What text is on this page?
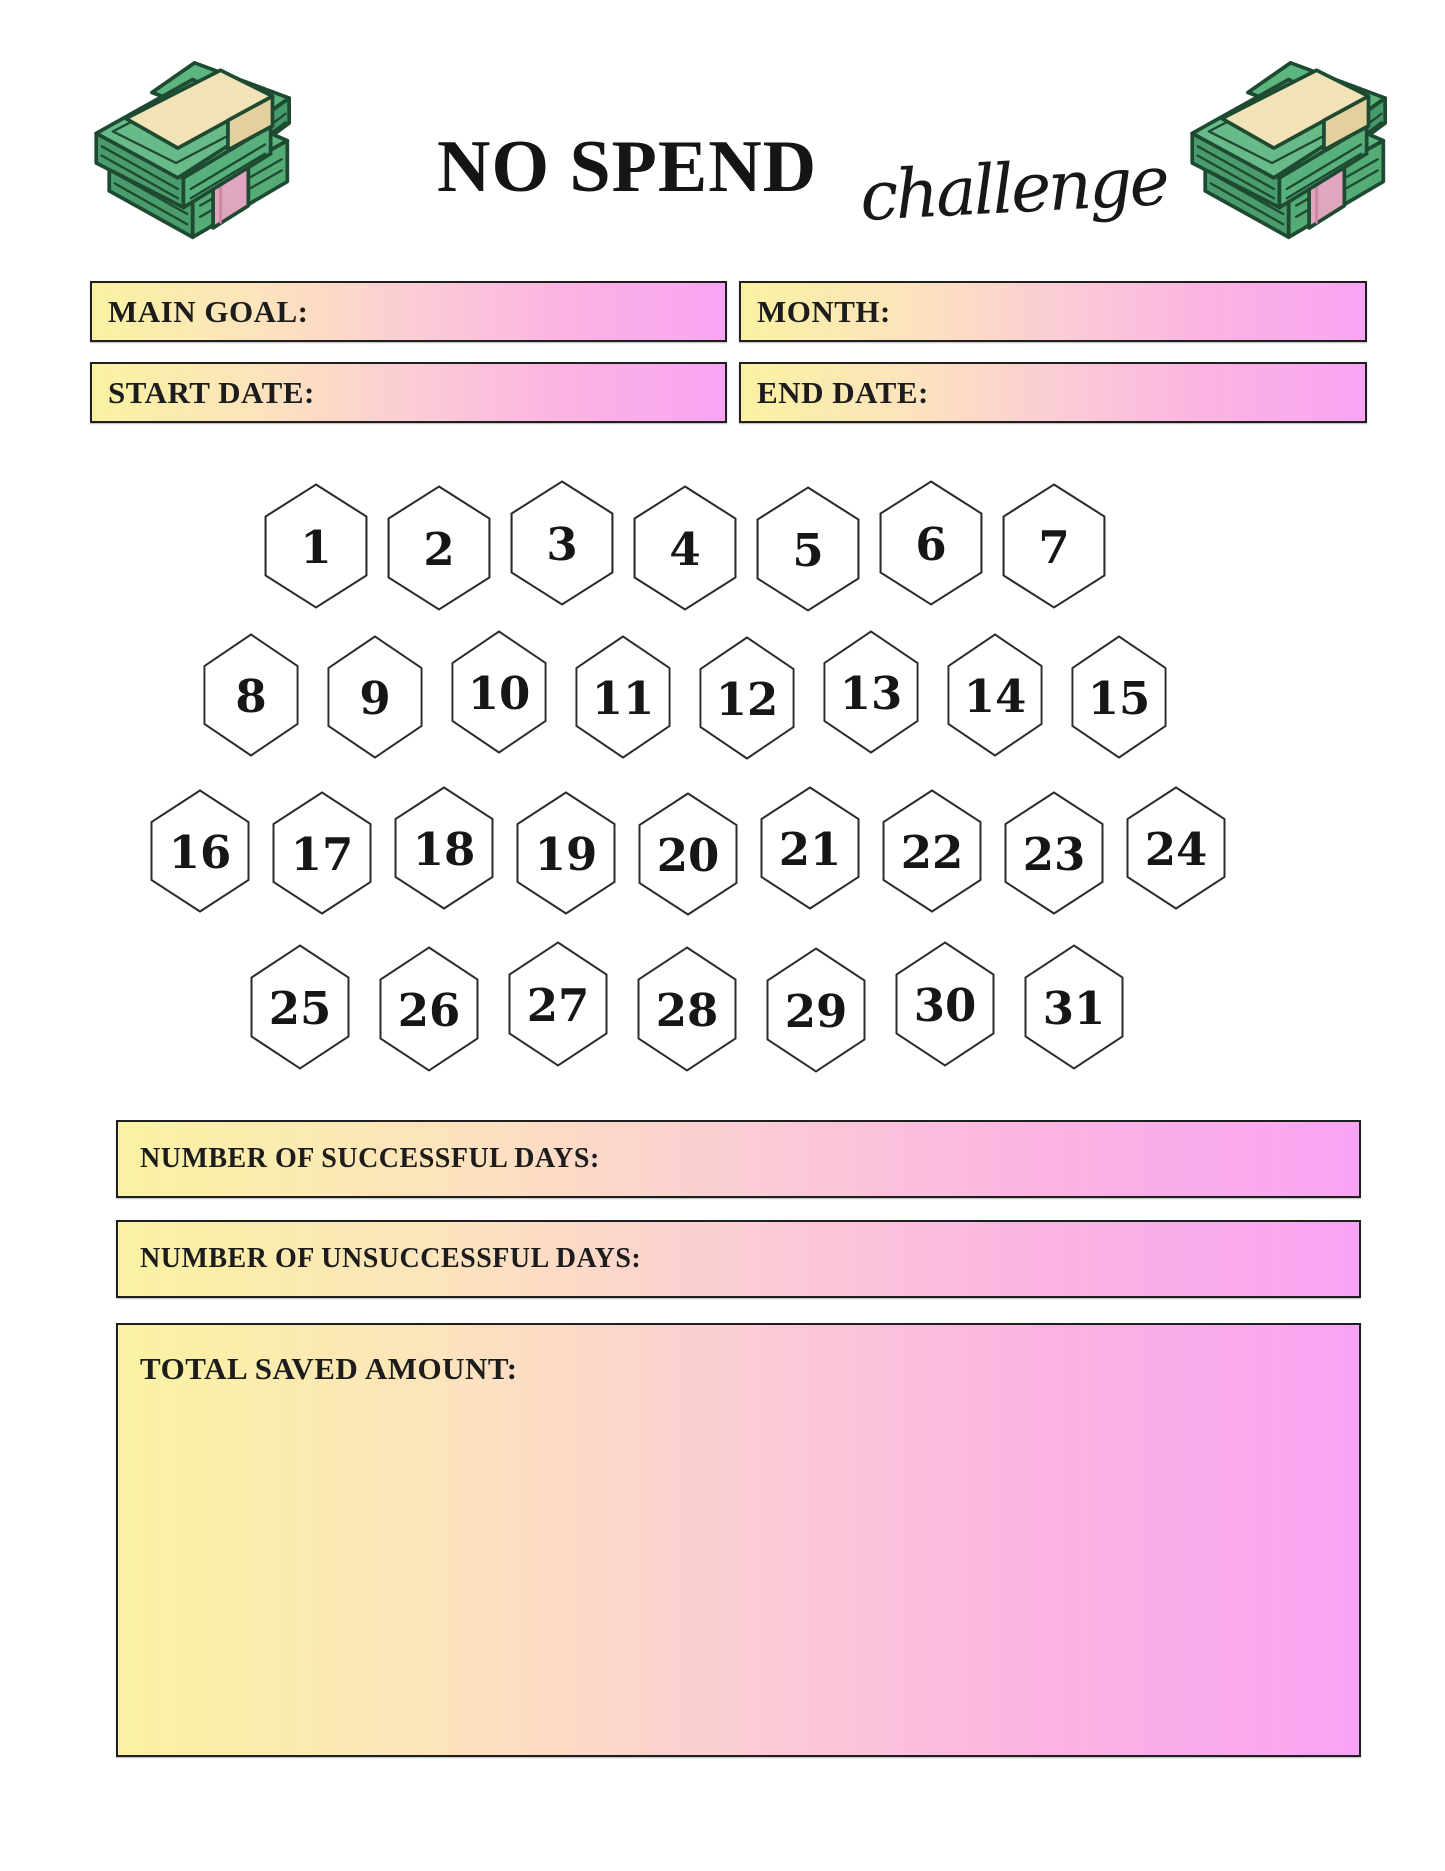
NO SPEND challenge
MAIN GOAL:	MONTH:
START DATE:	END DATE:
1	2	3	4	5	6	7
8	9	10	11	12	13	14	15
16	17	18	19	20	21	22	23	24
25	26	27	28	29	30	31
NUMBER OF SUCCESSFUL DAYS:
NUMBER OF UNSUCCESSFUL DAYS:
TOTAL SAVED AMOUNT:
